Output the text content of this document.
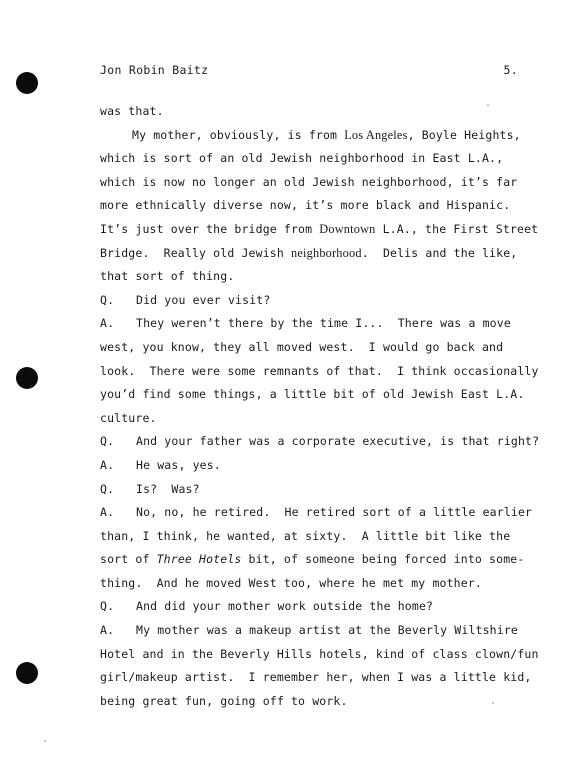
Jon Robin Baitz	5.
was that.
My mother, obviously, is from Los Angeles, Boyle Heights,
which is sort of an old Jewish neighborhood in East L.A.,
which is now no longer an old Jewish neighborhood, it’s far
more ethnically diverse now, it’s more black and Hispanic.
It’s just over the bridge from Downtown L.A., the First Street
Bridge.  Really old Jewish neighborhood.  Delis and the like,
that sort of thing.
Q. Did you ever visit?
A. They weren’t there by the time I...  There was a move
west, you know, they all moved west.  I would go back and
look.  There were some remnants of that.  I think occasionally
you’d find some things, a little bit of old Jewish East L.A.
culture.
Q. And your father was a corporate executive, is that right?
A. He was, yes.
Q. Is?  Was?
A. No, no, he retired.  He retired sort of a little earlier
than, I think, he wanted, at sixty.  A little bit like the
sort of Three Hotels bit, of someone being forced into some-
thing.  And he moved West too, where he met my mother.
Q. And did your mother work outside the home?
A. My mother was a makeup artist at the Beverly Wiltshire
Hotel and in the Beverly Hills hotels, kind of class clown/fun
girl/makeup artist.  I remember her, when I was a little kid,
being great fun, going off to work.
